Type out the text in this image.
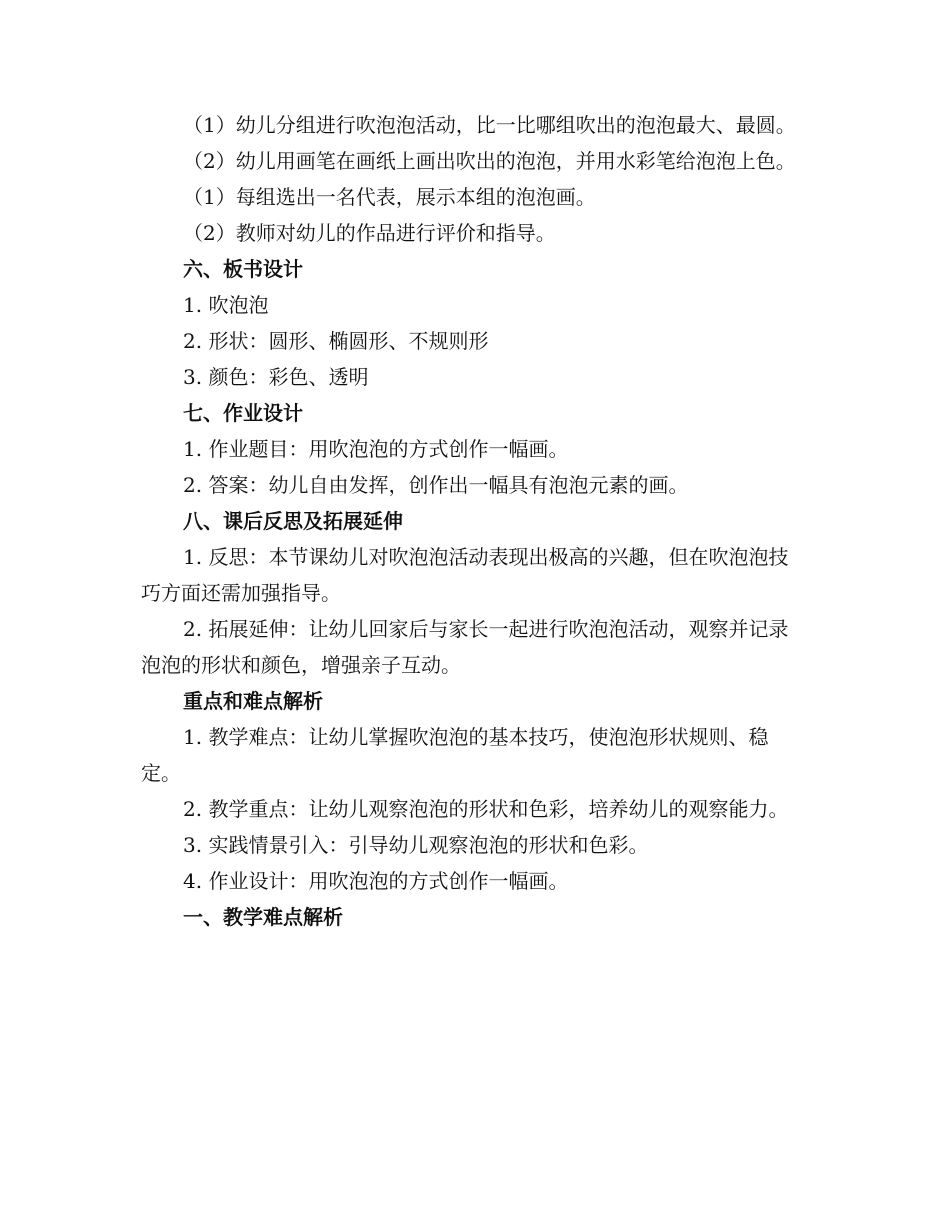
（1）幼儿分组进行吹泡泡活动，比一比哪组吹出的泡泡最大、最圆。

（2）幼儿用画笔在画纸上画出吹出的泡泡，并用水彩笔给泡泡上色。

（1）每组选出一名代表，展示本组的泡泡画。

（2）教师对幼儿的作品进行评价和指导。

六、板书设计

1. 吹泡泡

2. 形状：圆形、椭圆形、不规则形

3. 颜色：彩色、透明

七、作业设计

1. 作业题目：用吹泡泡的方式创作一幅画。

2. 答案：幼儿自由发挥，创作出一幅具有泡泡元素的画。

八、课后反思及拓展延伸

1. 反思：本节课幼儿对吹泡泡活动表现出极高的兴趣，但在吹泡泡技巧方面还需加强指导。

2. 拓展延伸：让幼儿回家后与家长一起进行吹泡泡活动，观察并记录泡泡的形状和颜色，增强亲子互动。

重点和难点解析

1. 教学难点：让幼儿掌握吹泡泡的基本技巧，使泡泡形状规则、稳定。

2. 教学重点：让幼儿观察泡泡的形状和色彩，培养幼儿的观察能力。

3. 实践情景引入：引导幼儿观察泡泡的形状和色彩。

4. 作业设计：用吹泡泡的方式创作一幅画。

一、教学难点解析
